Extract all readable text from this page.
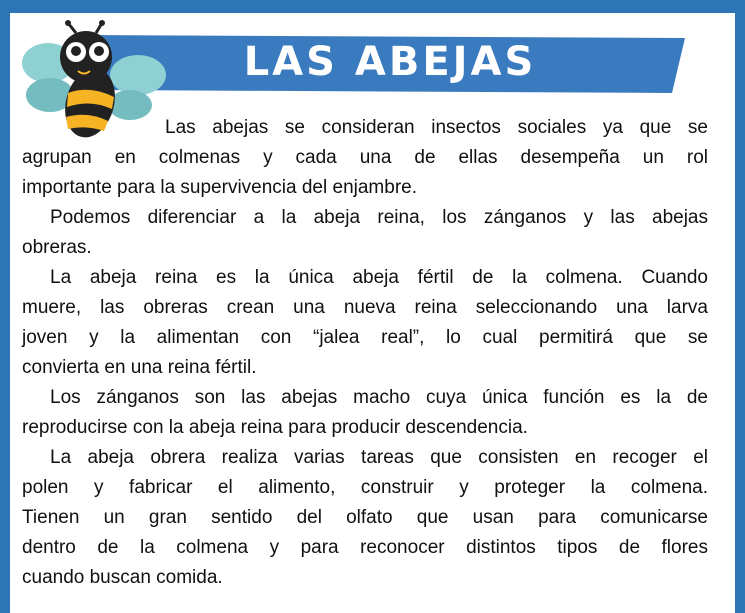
LAS ABEJAS
Las abejas se consideran insectos sociales ya que se
agrupan en colmenas y cada una de ellas desempeña un rol
importante para la supervivencia del enjambre.
Podemos diferenciar a la abeja reina, los zánganos y las abejas
obreras.
La abeja reina es la única abeja fértil de la colmena. Cuando
muere, las obreras crean una nueva reina seleccionando una larva
joven y la alimentan con “jalea real”, lo cual permitirá que se
convierta en una reina fértil.
Los zánganos son las abejas macho cuya única función es la de
reproducirse con la abeja reina para producir descendencia.
La abeja obrera realiza varias tareas que consisten en recoger el
polen y fabricar el alimento, construir y proteger la colmena.
Tienen un gran sentido del olfato que usan para comunicarse
dentro de la colmena y para reconocer distintos tipos de flores
cuando buscan comida.
